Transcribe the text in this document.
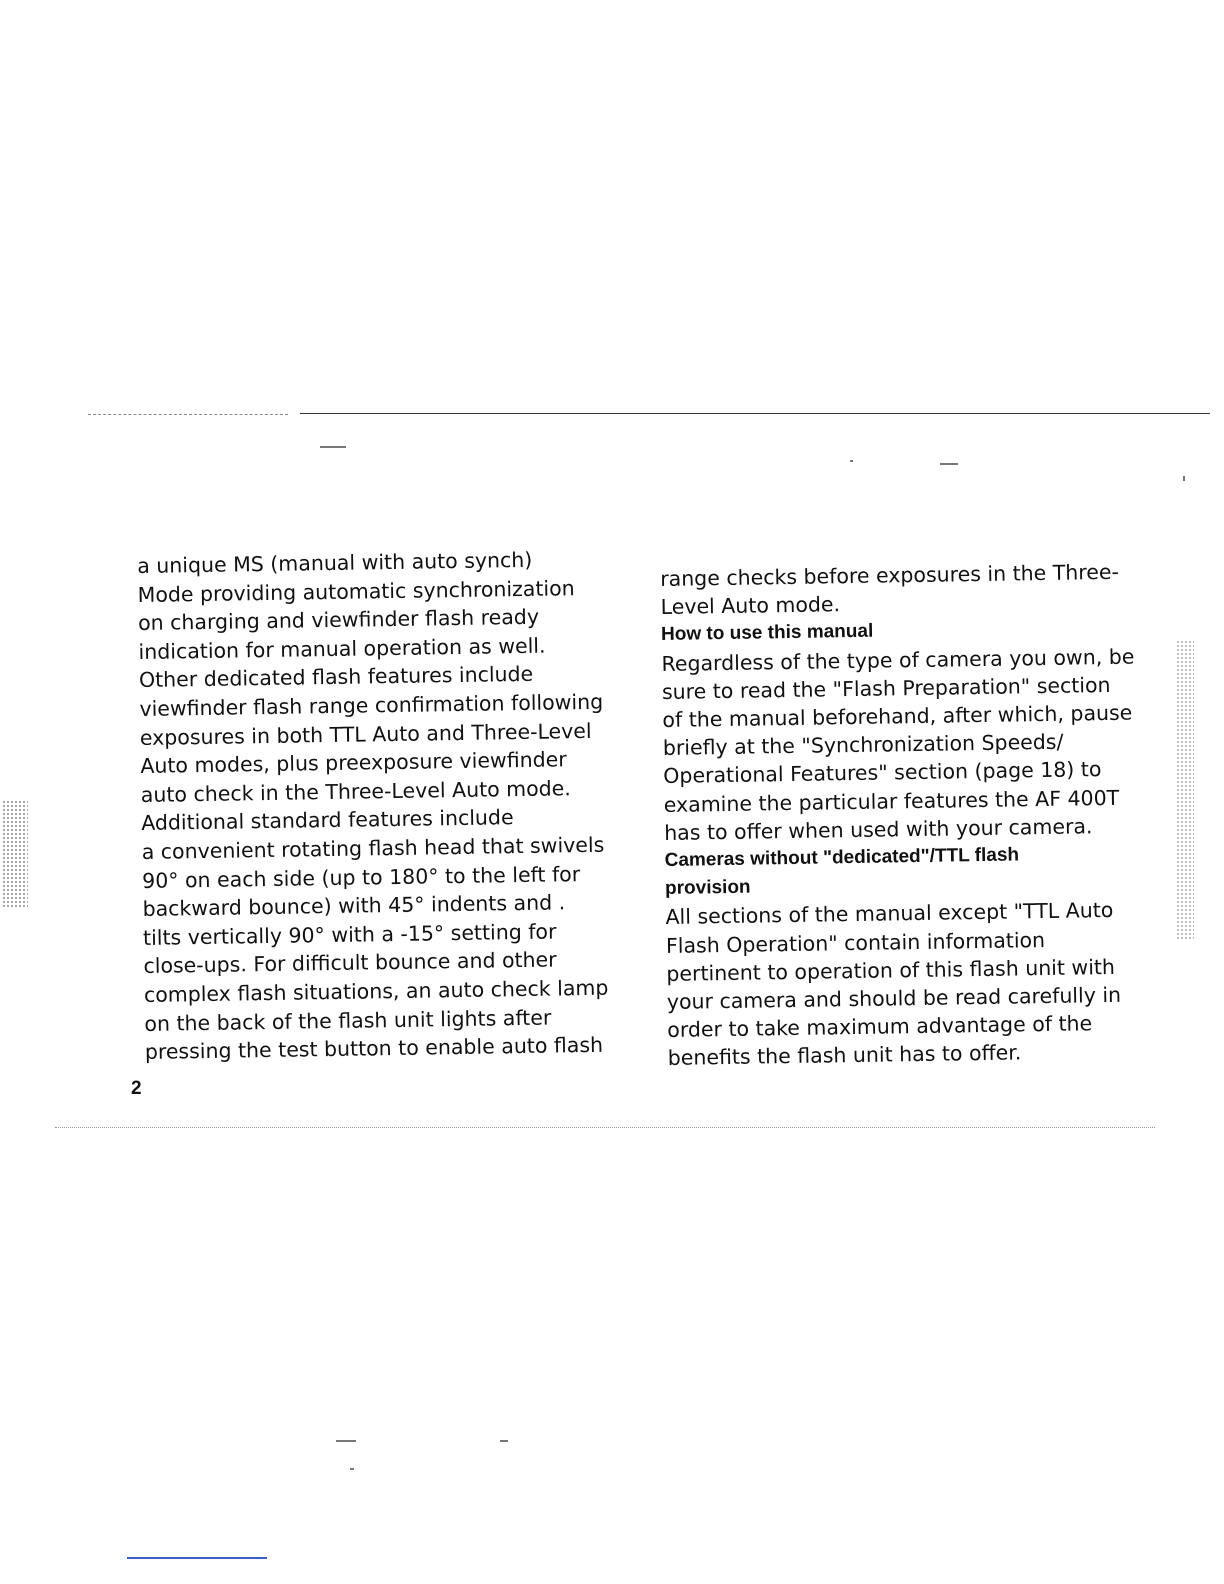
a unique MS (manual with auto synch)
Mode providing automatic synchronization
on charging and viewfinder flash ready
indication for manual operation as well.
Other dedicated flash features include
viewfinder flash range confirmation following
exposures in both TTL Auto and Three-Level
Auto modes, plus preexposure viewfinder
auto check in the Three-Level Auto mode.
Additional standard features include
a convenient rotating flash head that swivels
90° on each side (up to 180° to the left for
backward bounce) with 45° indents and .
tilts vertically 90° with a -15° setting for
close-ups. For difficult bounce and other
complex flash situations, an auto check lamp
on the back of the flash unit lights after
pressing the test button to enable auto flash
2
range checks before exposures in the Three-
Level Auto mode.
How to use this manual
Regardless of the type of camera you own, be
sure to read the "Flash Preparation" section
of the manual beforehand, after which, pause
briefly at the "Synchronization Speeds/
Operational Features" section (page 18) to
examine the particular features the AF 400T
has to offer when used with your camera.
Cameras without "dedicated"/TTL flash
provision
All sections of the manual except "TTL Auto
Flash Operation" contain information
pertinent to operation of this flash unit with
your camera and should be read carefully in
order to take maximum advantage of the
benefits the flash unit has to offer.
